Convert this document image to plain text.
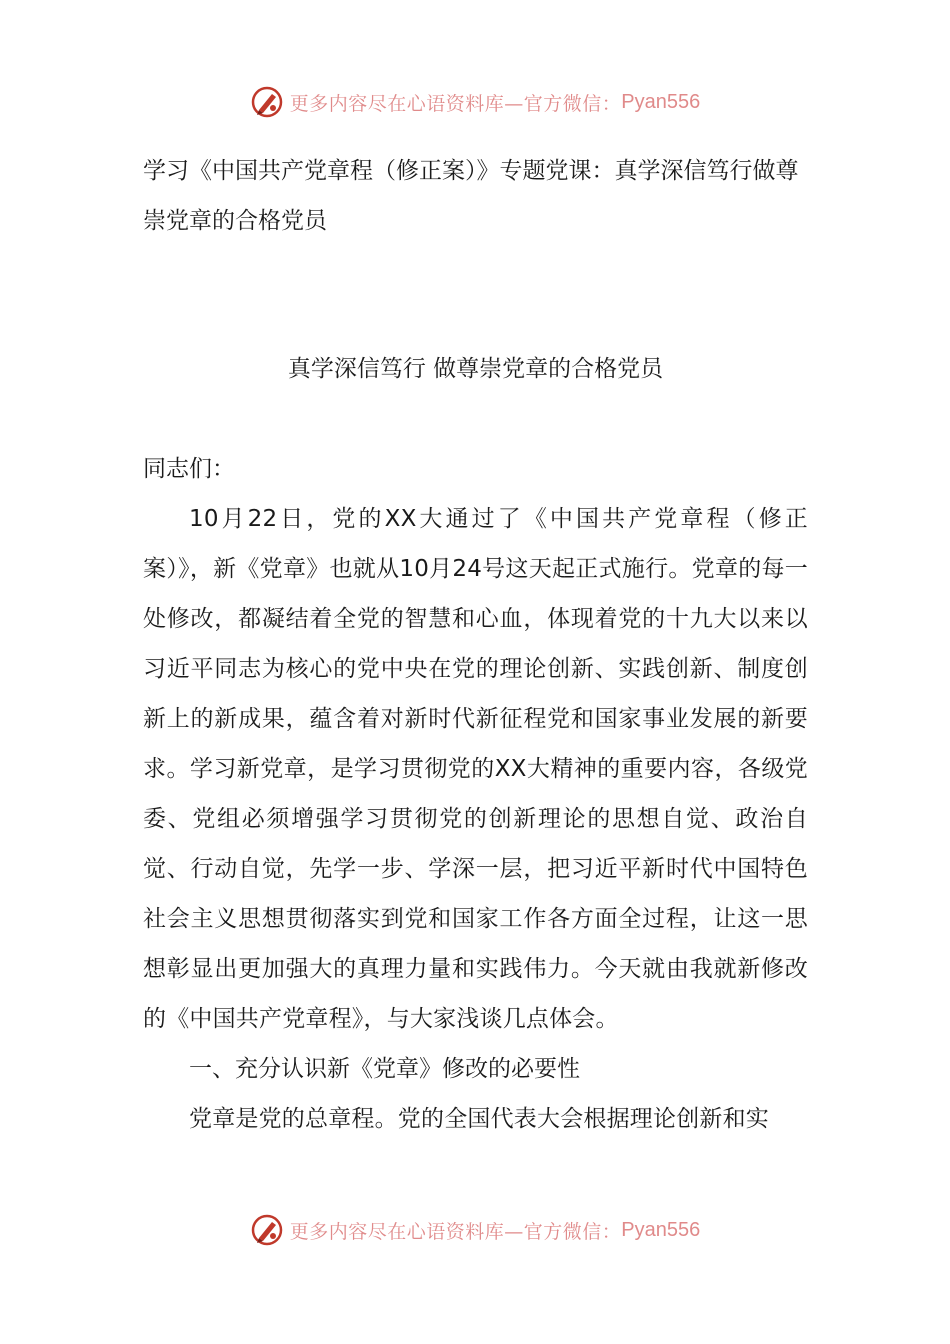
更多内容尽在心语资料库—官方微信： Pyan556
学习《中国共产党章程（修正案）》专题党课：真学深信笃行做尊崇党章的合格党员
真学深信笃行 做尊崇党章的合格党员

同志们：

10月22日，党的XX大通过了《中国共产党章程（修正案）》，新《党章》也就从10月24号这天起正式施行。党章的每一处修改，都凝结着全党的智慧和心血，体现着党的十九大以来以习近平同志为核心的党中央在党的理论创新、实践创新、制度创新上的新成果，蕴含着对新时代新征程党和国家事业发展的新要求。学习新党章，是学习贯彻党的XX大精神的重要内容，各级党委、党组必须增强学习贯彻党的创新理论的思想自觉、政治自觉、行动自觉，先学一步、学深一层，把习近平新时代中国特色社会主义思想贯彻落实到党和国家工作各方面全过程，让这一思想彰显出更加强大的真理力量和实践伟力。今天就由我就新修改的《中国共产党章程》，与大家浅谈几点体会。

一、充分认识新《党章》修改的必要性

党章是党的总章程。党的全国代表大会根据理论创新和实

更多内容尽在心语资料库—官方微信： Pyan556
